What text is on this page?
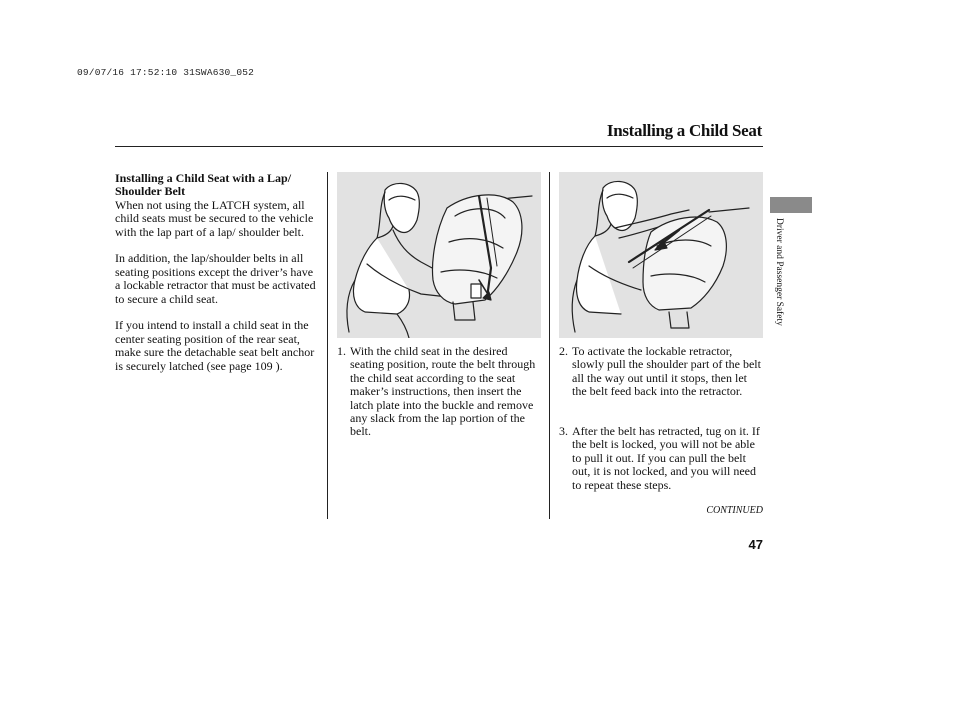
09/07/16 17:52:10 31SWA630_052
Installing a Child Seat
Installing a Child Seat with a Lap/ Shoulder Belt

When not using the LATCH system, all child seats must be secured to the vehicle with the lap part of a lap/ shoulder belt.

In addition, the lap/shoulder belts in all seating positions except the driver’s have a lockable retractor that must be activated to secure a child seat.

If you intend to install a child seat in the center seating position of the rear seat, make sure the detachable seat belt anchor is securely latched (see page 109 ).

1. With the child seat in the desired seating position, route the belt through the child seat according to the seat maker’s instructions, then insert the latch plate into the buckle and remove any slack from the lap portion of the belt.
2. To activate the lockable retractor, slowly pull the shoulder part of the belt all the way out until it stops, then let the belt feed back into the retractor.
3. After the belt has retracted, tug on it. If the belt is locked, you will not be able to pull it out. If you can pull the belt out, it is not locked, and you will need to repeat these steps.
CONTINUED
47
Driver and Passenger Safety
